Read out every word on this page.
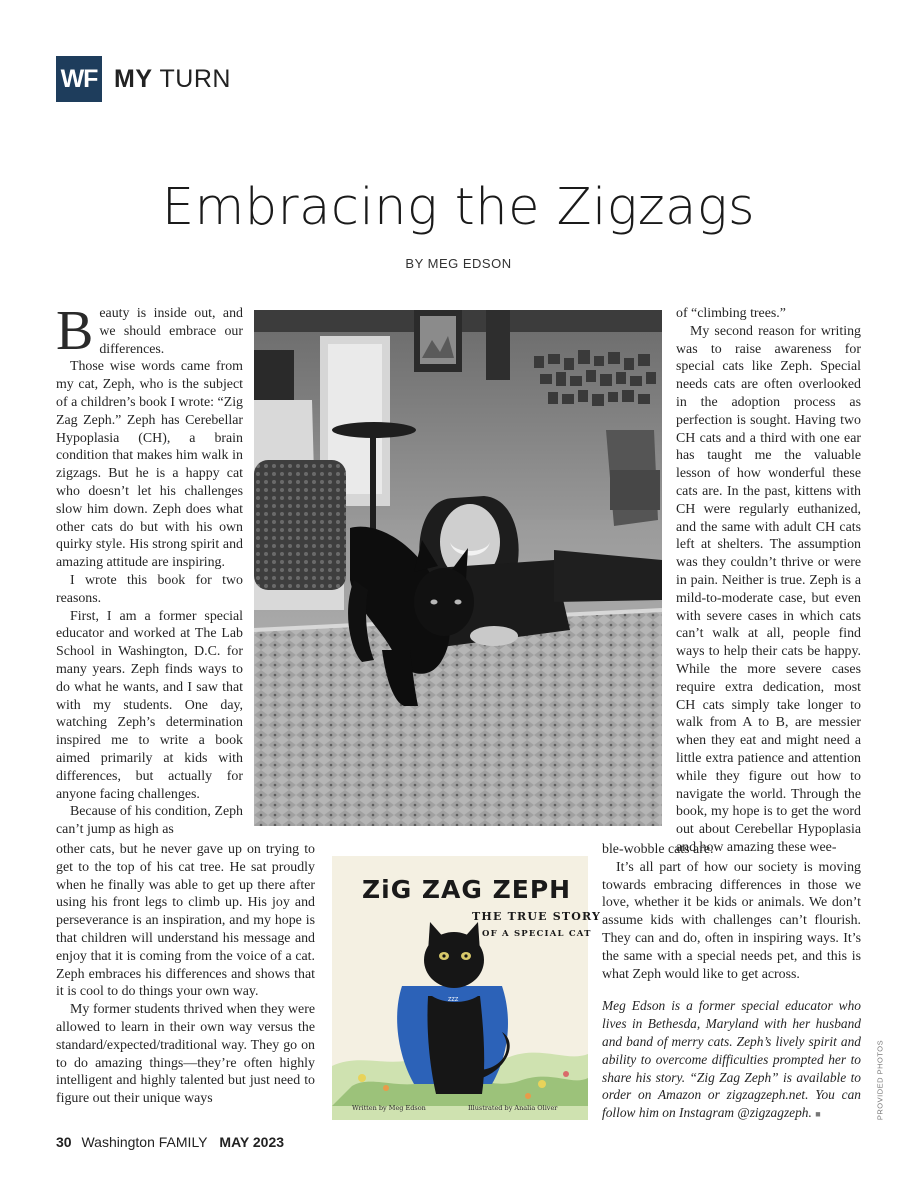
WF MY TURN
Embracing the Zigzags
BY MEG EDSON

Beauty is inside out, and we should embrace our differences.

Those wise words came from my cat, Zeph, who is the subject of a children’s book I wrote: “Zig Zag Zeph.” Zeph has Cerebellar Hypoplasia (CH), a brain condition that makes him walk in zigzags. But he is a happy cat who doesn’t let his challenges slow him down. Zeph does what other cats do but with his own quirky style. His strong spirit and amazing attitude are inspiring.

I wrote this book for two reasons.

First, I am a former special educator and worked at The Lab School in Washington, D.C. for many years. Zeph finds ways to do what he wants, and I saw that with my students. One day, watching Zeph’s determination inspired me to write a book aimed primarily at kids with differences, but actually for anyone facing challenges.

Because of his condition, Zeph can’t jump as high as

other cats, but he never gave up on trying to get to the top of his cat tree. He sat proudly when he finally was able to get up there after using his front legs to climb up. His joy and perseverance is an inspiration, and my hope is that children will understand his message and enjoy that it is coming from the voice of a cat. Zeph embraces his differences and shows that it is cool to do things your own way.

My former students thrived when they were allowed to learn in their own way versus the standard/expected/traditional way. They go on to do amazing things—they’re often highly intelligent and highly talented but just need to figure out their unique ways

of “climbing trees.”

My second reason for writing was to raise awareness for special cats like Zeph. Special needs cats are often overlooked in the adoption process as perfection is sought. Having two CH cats and a third with one ear has taught me the valuable lesson of how wonderful these cats are. In the past, kittens with CH were regularly euthanized, and the same with adult CH cats left at shelters. The assumption was they couldn’t thrive or were in pain. Neither is true. Zeph is a mild-to-moderate case, but even with severe cases in which cats can’t walk at all, people find ways to help their cats be happy. While the more severe cases require extra dedication, most CH cats simply take longer to walk from A to B, are messier when they eat and might need a little extra patience and attention while they figure out how to navigate the world. Through the book, my hope is to get the word out about Cerebellar Hypoplasia and how amazing these wee-

ble-wobble cats are.

It’s all part of how our society is moving towards embracing differences in those we love, whether it be kids or animals. We don’t assume kids with challenges can’t flourish. They can and do, often in inspiring ways. It’s the same with a special needs pet, and this is what Zeph would like to get across.

Meg Edson is a former special educator who lives in Bethesda, Maryland with her husband and band of merry cats. Zeph’s lively spirit and ability to overcome difficulties prompted her to share his story. “Zig Zag Zeph” is available to order on Amazon or zigzagzeph.net. You can follow him on Instagram @zigzagzeph. ■

ZiG ZAG ZEPH
THE TRUE STORY
OF A SPECIAL CAT
ZZZ
Written by Meg Edson	Illustrated by Analia Oliver	PROVIDED PHOTOS
30 Washington FAMILY MAY 2023
